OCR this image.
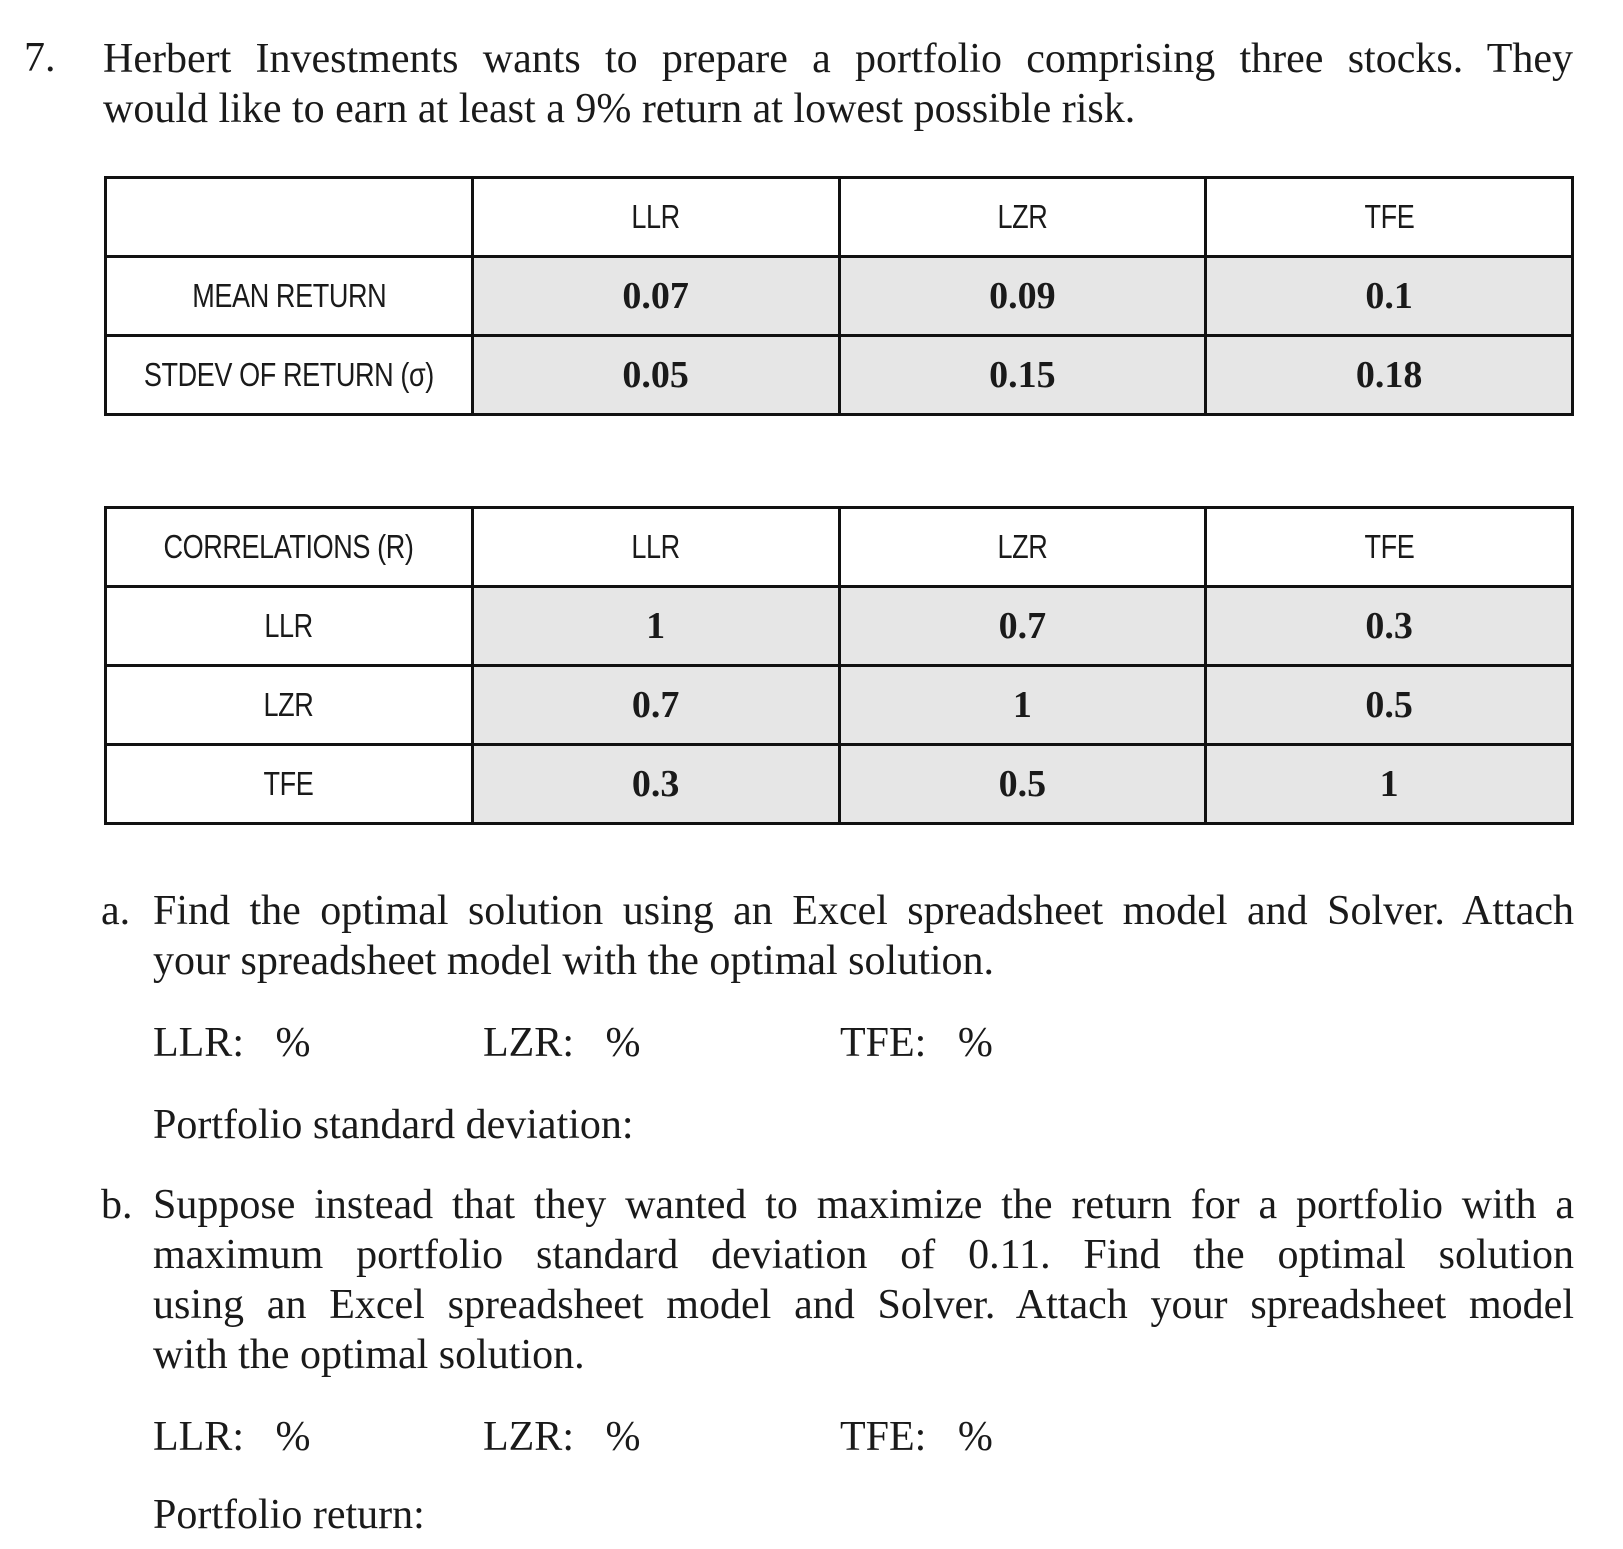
7. Herbert Investments wants to prepare a portfolio comprising three stocks. They
would like to earn at least a 9% return at lowest possible risk.
	LLR	LZR	TFE
MEAN RETURN	0.07	0.09	0.1
STDEV OF RETURN (σ)	0.05	0.15	0.18
CORRELATIONS (R)	LLR	LZR	TFE
LLR	1	0.7	0.3
LZR	0.7	1	0.5
TFE	0.3	0.5	1
a. Find the optimal solution using an Excel spreadsheet model and Solver. Attach
your spreadsheet model with the optimal solution.
LLR:   %	LZR:   %	TFE:   %
Portfolio standard deviation:
b. Suppose instead that they wanted to maximize the return for a portfolio with a
maximum portfolio standard deviation of 0.11. Find the optimal solution
using an Excel spreadsheet model and Solver. Attach your spreadsheet model
with the optimal solution.
LLR:   %	LZR:   %	TFE:   %
Portfolio return:
